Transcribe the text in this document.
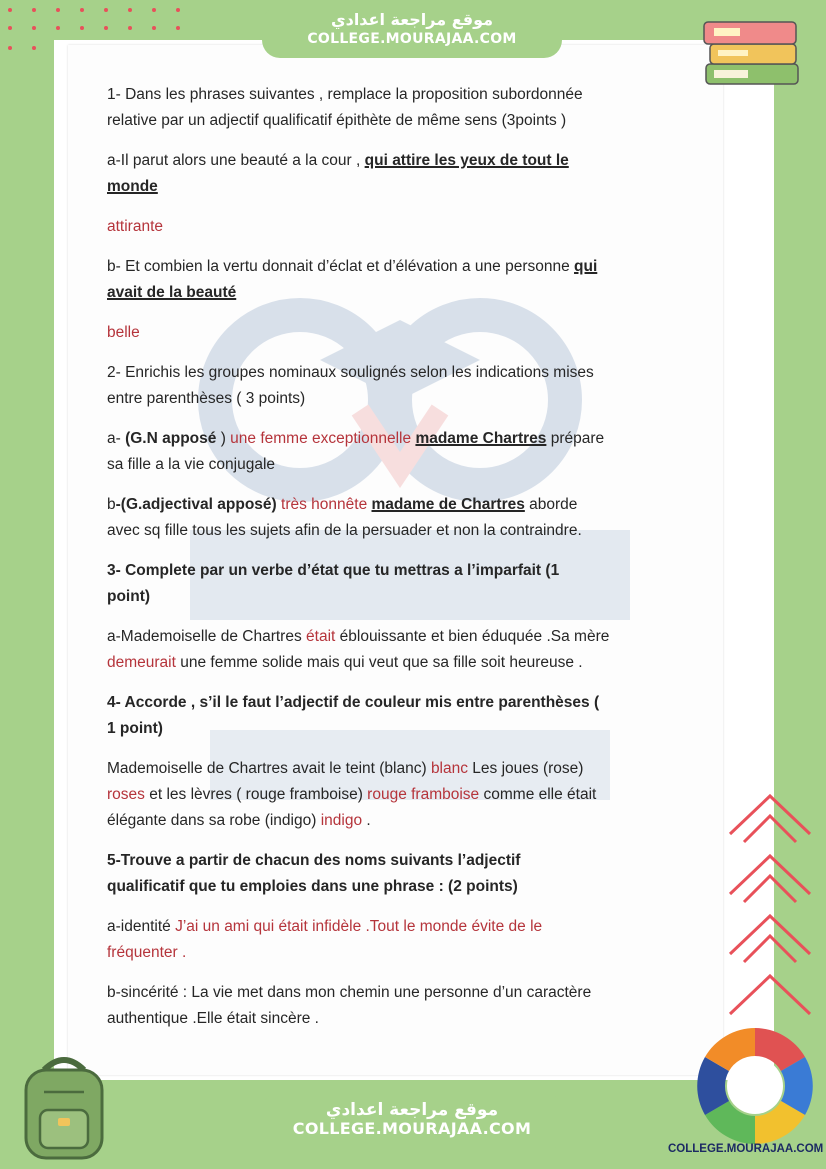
موقع مراجعة اعدادي
COLLEGE.MOURAJAA.COM

1- Dans les phrases suivantes , remplace la proposition subordonnée
relative par un adjectif qualificatif épithète de même sens (3points )

a-Il parut alors une beauté a la cour , qui attire les yeux de tout le
monde

attirante

b- Et combien la vertu donnait d’éclat et d’élévation a une personne qui
avait de la beauté

belle

2- Enrichis les groupes nominaux soulignés selon les indications mises
entre parenthèses ( 3 points)

a- (G.N apposé ) une femme exceptionnelle madame Chartres prépare
sa fille a la vie conjugale

b-(G.adjectival apposé) très honnête madame de Chartres aborde
avec sq fille tous les sujets afin de la persuader et non la contraindre.

3- Complete par un verbe d’état que tu mettras a l’imparfait (1
point)

a-Mademoiselle de Chartres était éblouissante et bien éduquée .Sa mère
demeurait une femme solide mais qui veut que sa fille soit heureuse .

4- Accorde , s’il le faut l’adjectif de couleur mis entre parenthèses (
1 point)

Mademoiselle de Chartres avait le teint (blanc) blanc Les joues (rose)
roses et les lèvres ( rouge framboise) rouge framboise comme elle était
élégante dans sa robe (indigo) indigo .

5-Trouve a partir de chacun des noms suivants l’adjectif
qualificatif que tu emploies dans une phrase : (2 points)

a-identité J’ai un ami qui était infidèle .Tout le monde évite de le
fréquenter .

b-sincérité : La vie met dans mon chemin une personne d’un caractère
authentique .Elle était sincère .

موقع مراجعة اعدادي
COLLEGE.MOURAJAA.COM
COLLEGE.MOURAJAA.COM
